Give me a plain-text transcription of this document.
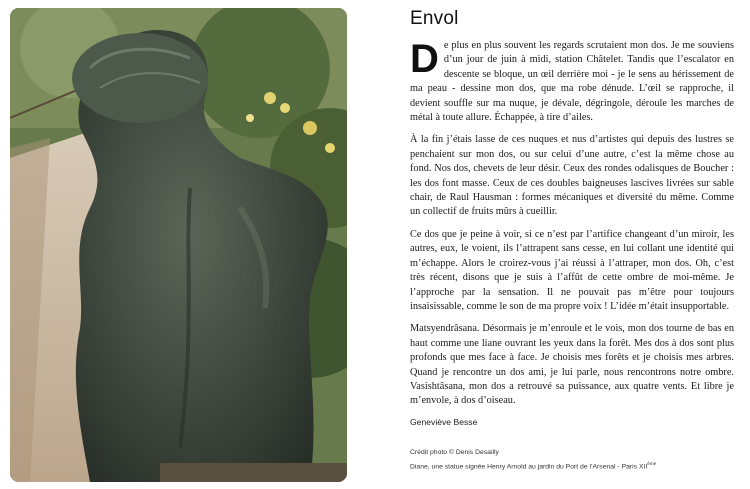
Envol

De plus en plus souvent les regards scrutaient mon dos. Je me souviens d’un jour de juin à midi, station Châtelet. Tandis que l’escalator en descente se bloque, un œil derrière moi - je le sens au hérissement de ma peau - dessine mon dos, que ma robe dénude. L’œil se rapproche, il devient souffle sur ma nuque, je dévale, dégringole, déroule les marches de métal à toute allure. Échappée, à tire d’ailes.

À la fin j’étais lasse de ces nuques et nus d’artistes qui depuis des lustres se penchaient sur mon dos, ou sur celui d’une autre, c’est la même chose au fond. Nos dos, chevets de leur désir. Ceux des rondes odalisques de Boucher : les dos font masse. Ceux de ces doubles baigneuses lascives livrées sur sable chair, de Raul Hausman : formes mécaniques et diversité du même. Comme un collectif de fruits mûrs à cueillir.

Ce dos que je peine à voir, si ce n’est par l’artifice changeant d’un miroir, les autres, eux, le voient, ils l’attrapent sans cesse, en lui collant une identité qui m’échappe. Alors le croirez-vous j’ai réussi à l’attraper, mon dos. Oh, c’est très récent, disons que je suis à l’affût de cette ombre de moi-même. Je l’approche par la sensation. Il ne pouvait pas m’être pour toujours insaisissable, comme le son de ma propre voix ! L’idée m’était insupportable.

Matsyendrâsana. Désormais je m’enroule et le vois, mon dos tourne de bas en haut comme une liane ouvrant les yeux dans la forêt. Mes dos à dos sont plus profonds que mes face à face. Je choisis mes forêts et je choisis mes arbres. Quand je rencontre un dos ami, je lui parle, nous rencontrons notre ombre. Vasishtâsana, mon dos a retrouvé sa puissance, aux quatre vents. Et libre je m’envole, à dos d’oiseau.

Geneviève Besse
Crédit photo © Denis Desailly
Diane, une statue signée Henry Arnold au jardin du Port de l’Arsenal - Paris XIIème
